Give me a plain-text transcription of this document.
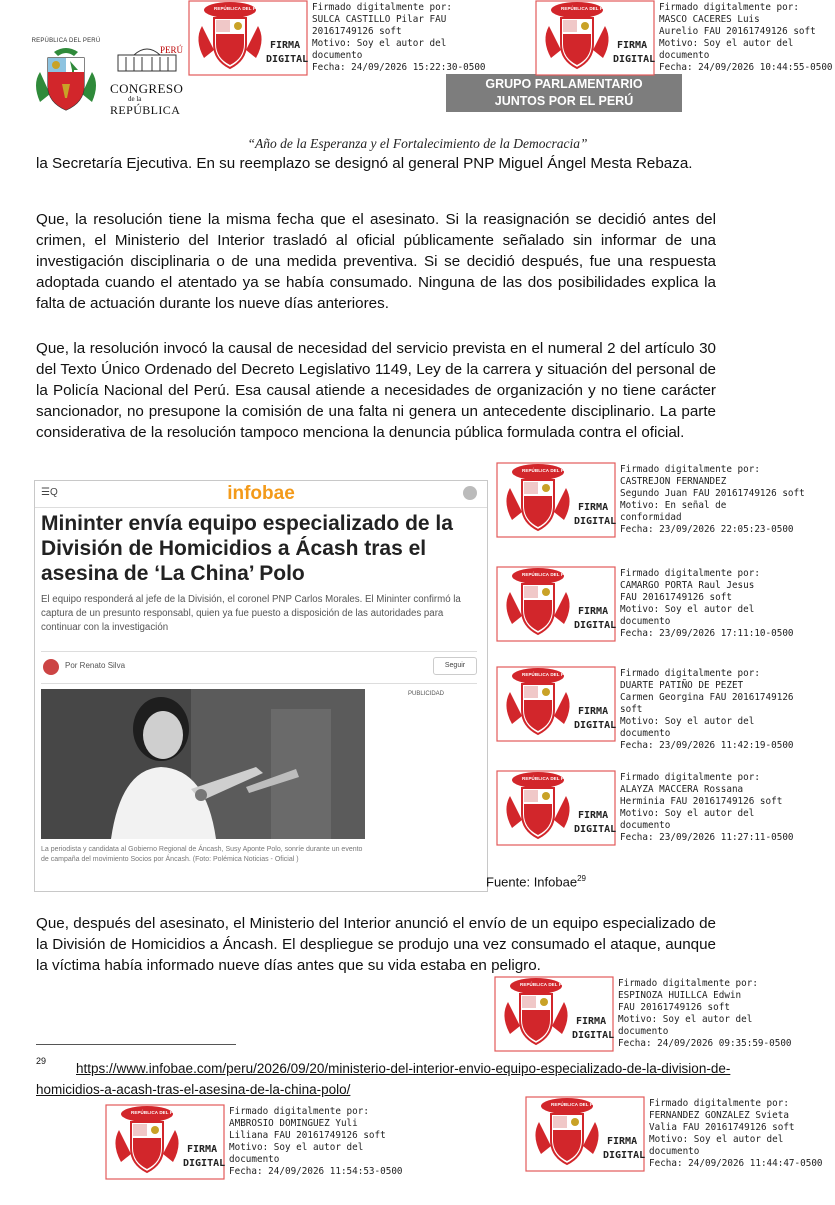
REPÚBLICA DEL PERÚ
PERÚ
CONGRESO
de la
REPÚBLICA
GRUPO PARLAMENTARIO
JUNTOS POR EL PERÚ
“Año de la Esperanza y el Fortalecimiento de la Democracia”
la Secretaría Ejecutiva. En su reemplazo se designó al general PNP Miguel Ángel Mesta Rebaza.
Que, la resolución tiene la misma fecha que el asesinato. Si la reasignación se decidió antes del crimen, el Ministerio del Interior trasladó al oficial públicamente señalado sin informar de una investigación disciplinaria o de una medida preventiva. Si se decidió después, fue una respuesta adoptada cuando el atentado ya se había consumado. Ninguna de las dos posibilidades explica la falta de actuación durante los nueve días anteriores.
Que, la resolución invocó la causal de necesidad del servicio prevista en el numeral 2 del artículo 30 del Texto Único Ordenado del Decreto Legislativo 1149, Ley de la carrera y situación del personal de la Policía Nacional del Perú. Esa causal atiende a necesidades de organización y no tiene carácter sancionador, no presupone la comisión de una falta ni genera un antecedente disciplinario. La parte considerativa de la resolución tampoco menciona la denuncia pública formulada contra el oficial.
☰Q	infobae
Mininter envía equipo especializado de la División de Homicidios a Ácash tras el asesina de ‘La China’ Polo
El equipo responderá al jefe de la División, el coronel PNP Carlos Morales. El Mininter confirmó la captura de un presunto responsabl, quien ya fue puesto a disposición de las autoridades para continuar con la investigación
Por Renato Silva	Seguir
PUBLICIDAD
La periodista y candidata al Gobierno Regional de Áncash, Susy Aponte Polo, sonríe durante un evento de campaña del movimiento Socios por Áncash. (Foto: Polémica Noticias - Oficial )
Fuente: Infobae$^{29}$
Que, después del asesinato, el Ministerio del Interior anunció el envío de un equipo especializado de la División de Homicidios a Áncash. El despliegue se produjo una vez consumado el ataque, aunque la víctima había informado nueve días antes que su vida estaba en peligro.
29	https://www.infobae.com/peru/2026/09/20/ministerio-del-interior-envio-equipo-especializado-de-la-division-de-homicidios-a-acash-tras-el-asesina-de-la-china-polo/
REPÚBLICA DEL PERÚ
FIRMA
DIGITAL
Firmado digitalmente por:
SULCA CASTILLO Pilar FAU
20161749126 soft
Motivo: Soy el autor del
documento
Fecha: 24/09/2026 15:22:30-0500
REPÚBLICA DEL PERÚ
FIRMA
DIGITAL
Firmado digitalmente por:
MASCO CACERES Luis
Aurelio FAU 20161749126 soft
Motivo: Soy el autor del
documento
Fecha: 24/09/2026 10:44:55-0500
REPÚBLICA DEL PERÚ
FIRMA
DIGITAL
Firmado digitalmente por:
CASTREJON FERNANDEZ
Segundo Juan FAU 20161749126 soft
Motivo: En señal de
conformidad
Fecha: 23/09/2026 22:05:23-0500
REPÚBLICA DEL PERÚ
FIRMA
DIGITAL
Firmado digitalmente por:
CAMARGO PORTA Raul Jesus
FAU 20161749126 soft
Motivo: Soy el autor del
documento
Fecha: 23/09/2026 17:11:10-0500
REPÚBLICA DEL PERÚ
FIRMA
DIGITAL
Firmado digitalmente por:
DUARTE PATIÑO DE PEZET
Carmen Georgina FAU 20161749126
soft
Motivo: Soy el autor del
documento
Fecha: 23/09/2026 11:42:19-0500
REPÚBLICA DEL PERÚ
FIRMA
DIGITAL
Firmado digitalmente por:
ALAYZA MACCERA Rossana
Herminia FAU 20161749126 soft
Motivo: Soy el autor del
documento
Fecha: 23/09/2026 11:27:11-0500
REPÚBLICA DEL PERÚ
FIRMA
DIGITAL
Firmado digitalmente por:
ESPINOZA HUILLCA Edwin
FAU 20161749126 soft
Motivo: Soy el autor del
documento
Fecha: 24/09/2026 09:35:59-0500
REPÚBLICA DEL PERÚ
FIRMA
DIGITAL
Firmado digitalmente por:
AMBROSIO DOMINGUEZ Yuli
Liliana FAU 20161749126 soft
Motivo: Soy el autor del
documento
Fecha: 24/09/2026 11:54:53-0500
REPÚBLICA DEL PERÚ
FIRMA
DIGITAL
Firmado digitalmente por:
FERNANDEZ GONZALEZ Svieta
Valia FAU 20161749126 soft
Motivo: Soy el autor del
documento
Fecha: 24/09/2026 11:44:47-0500
